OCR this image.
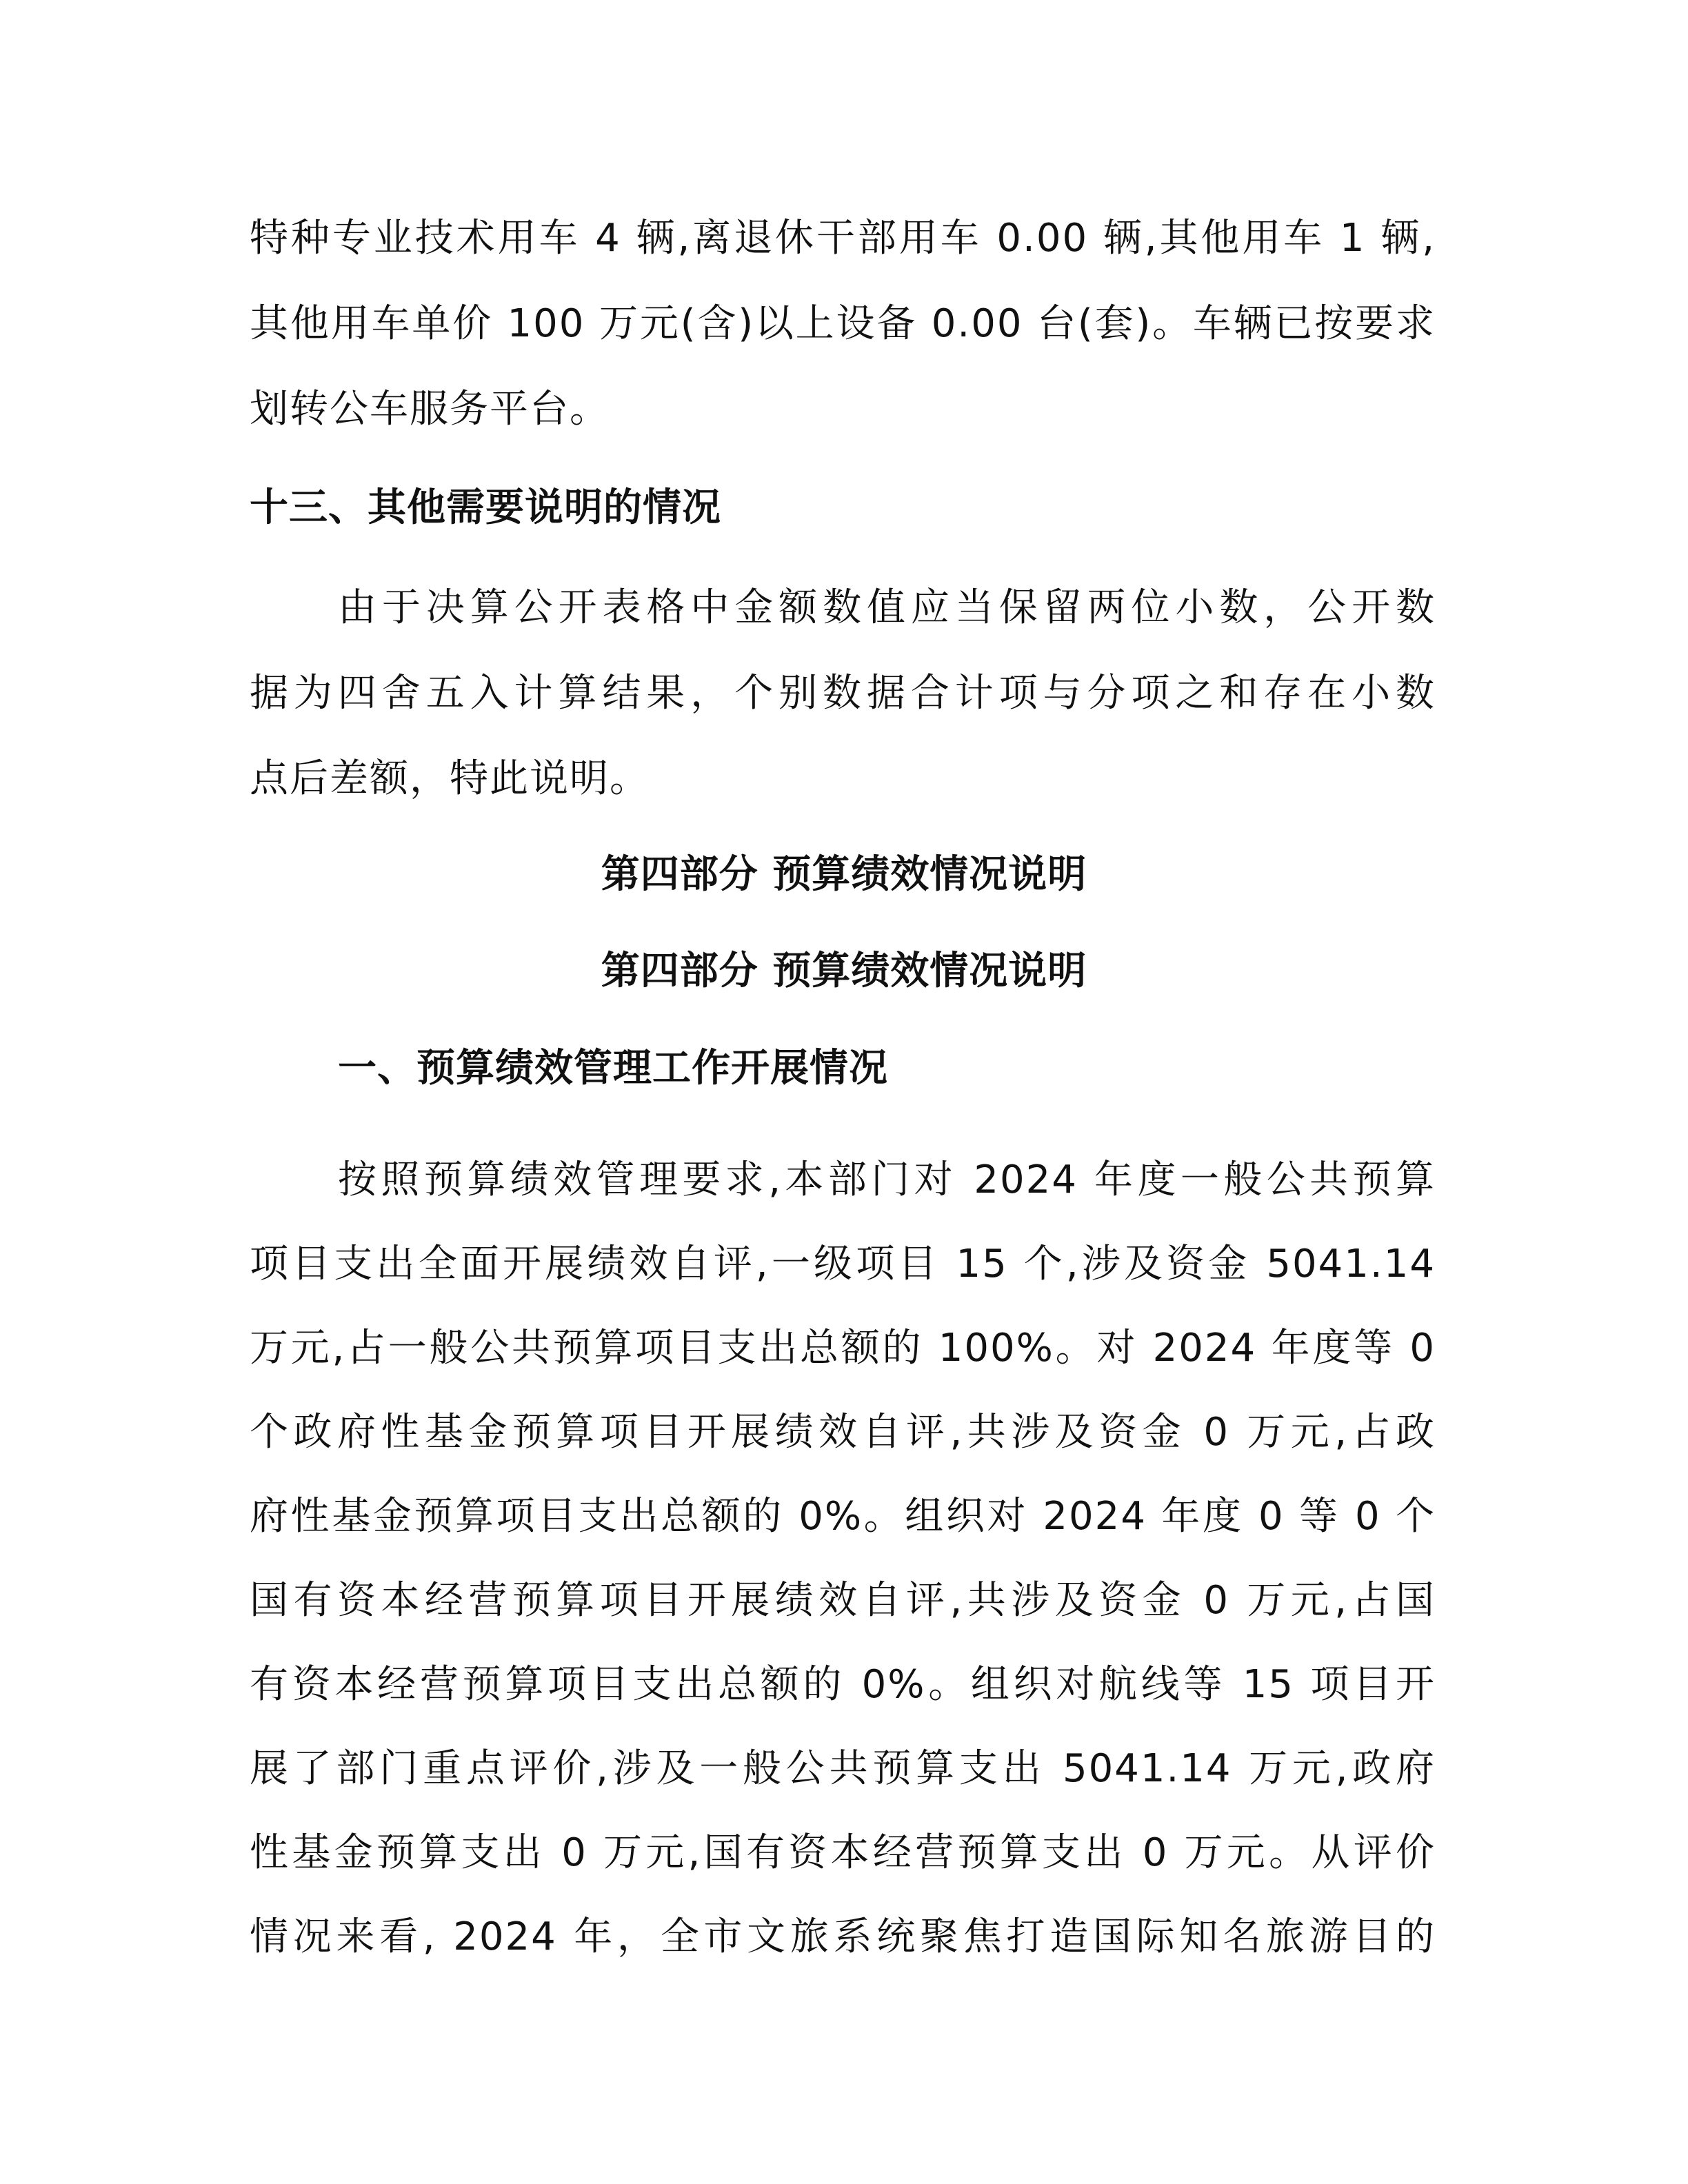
特种专业技术用车 4 辆,离退休干部用车 0.00 辆,其他用车 1 辆,
其他用车单价 100 万元(含)以上设备 0.00 台(套)。车辆已按要求
划转公车服务平台。
十三、其他需要说明的情况
由于决算公开表格中金额数值应当保留两位小数，公开数
据为四舍五入计算结果，个别数据合计项与分项之和存在小数
点后差额，特此说明。
第四部分 预算绩效情况说明
第四部分 预算绩效情况说明
一、预算绩效管理工作开展情况
按照预算绩效管理要求,本部门对 2024 年度一般公共预算
项目支出全面开展绩效自评,一级项目 15 个,涉及资金 5041.14
万元,占一般公共预算项目支出总额的 100%。对 2024 年度等 0
个政府性基金预算项目开展绩效自评,共涉及资金 0 万元,占政
府性基金预算项目支出总额的 0%。组织对 2024 年度 0 等 0 个
国有资本经营预算项目开展绩效自评,共涉及资金 0 万元,占国
有资本经营预算项目支出总额的 0%。组织对航线等 15 项目开
展了部门重点评价,涉及一般公共预算支出 5041.14 万元,政府
性基金预算支出 0 万元,国有资本经营预算支出 0 万元。从评价
情况来看, 2024 年，全市文旅系统聚焦打造国际知名旅游目的
